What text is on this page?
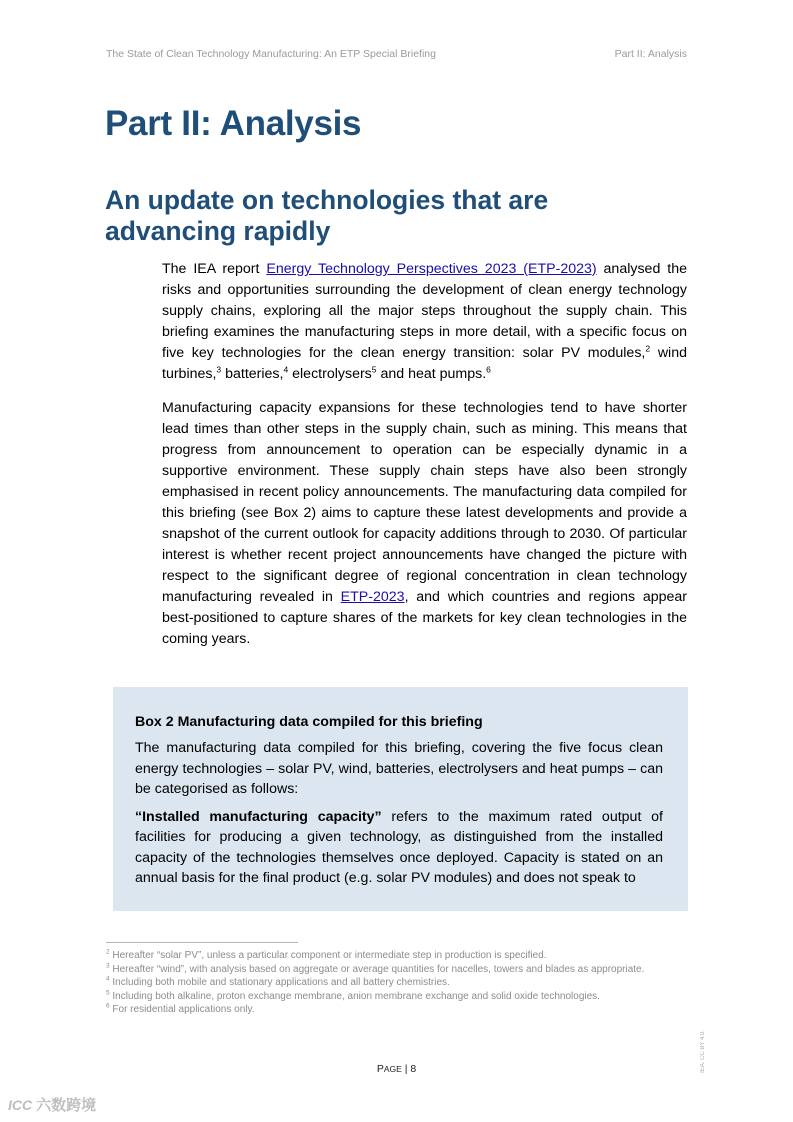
The State of Clean Technology Manufacturing: An ETP Special Briefing	Part II: Analysis
Part II: Analysis
An update on technologies that are advancing rapidly

The IEA report Energy Technology Perspectives 2023 (ETP-2023) analysed the risks and opportunities surrounding the development of clean energy technology supply chains, exploring all the major steps throughout the supply chain. This briefing examines the manufacturing steps in more detail, with a specific focus on five key technologies for the clean energy transition: solar PV modules,$^2$ wind turbines,$^3$ batteries,$^4$ electrolysers$^5$ and heat pumps.$^6$

Manufacturing capacity expansions for these technologies tend to have shorter lead times than other steps in the supply chain, such as mining. This means that progress from announcement to operation can be especially dynamic in a supportive environment. These supply chain steps have also been strongly emphasised in recent policy announcements. The manufacturing data compiled for this briefing (see Box 2) aims to capture these latest developments and provide a snapshot of the current outlook for capacity additions through to 2030. Of particular interest is whether recent project announcements have changed the picture with respect to the significant degree of regional concentration in clean technology manufacturing revealed in ETP-2023, and which countries and regions appear best-positioned to capture shares of the markets for key clean technologies in the coming years.

Box 2 Manufacturing data compiled for this briefing

The manufacturing data compiled for this briefing, covering the five focus clean energy technologies – solar PV, wind, batteries, electrolysers and heat pumps – can be categorised as follows:

“Installed manufacturing capacity” refers to the maximum rated output of facilities for producing a given technology, as distinguished from the installed capacity of the technologies themselves once deployed. Capacity is stated on an annual basis for the final product (e.g. solar PV modules) and does not speak to

$^2$ Hereafter “solar PV”, unless a particular component or intermediate step in production is specified.
$^3$ Hereafter “wind”, with analysis based on aggregate or average quantities for nacelles, towers and blades as appropriate.
$^4$ Including both mobile and stationary applications and all battery chemistries.
$^5$ Including both alkaline, proton exchange membrane, anion membrane exchange and solid oxide technologies.
$^6$ For residential applications only.
PAGE | 8	IEA. CC BY 4.0.
ICC 六数跨境
